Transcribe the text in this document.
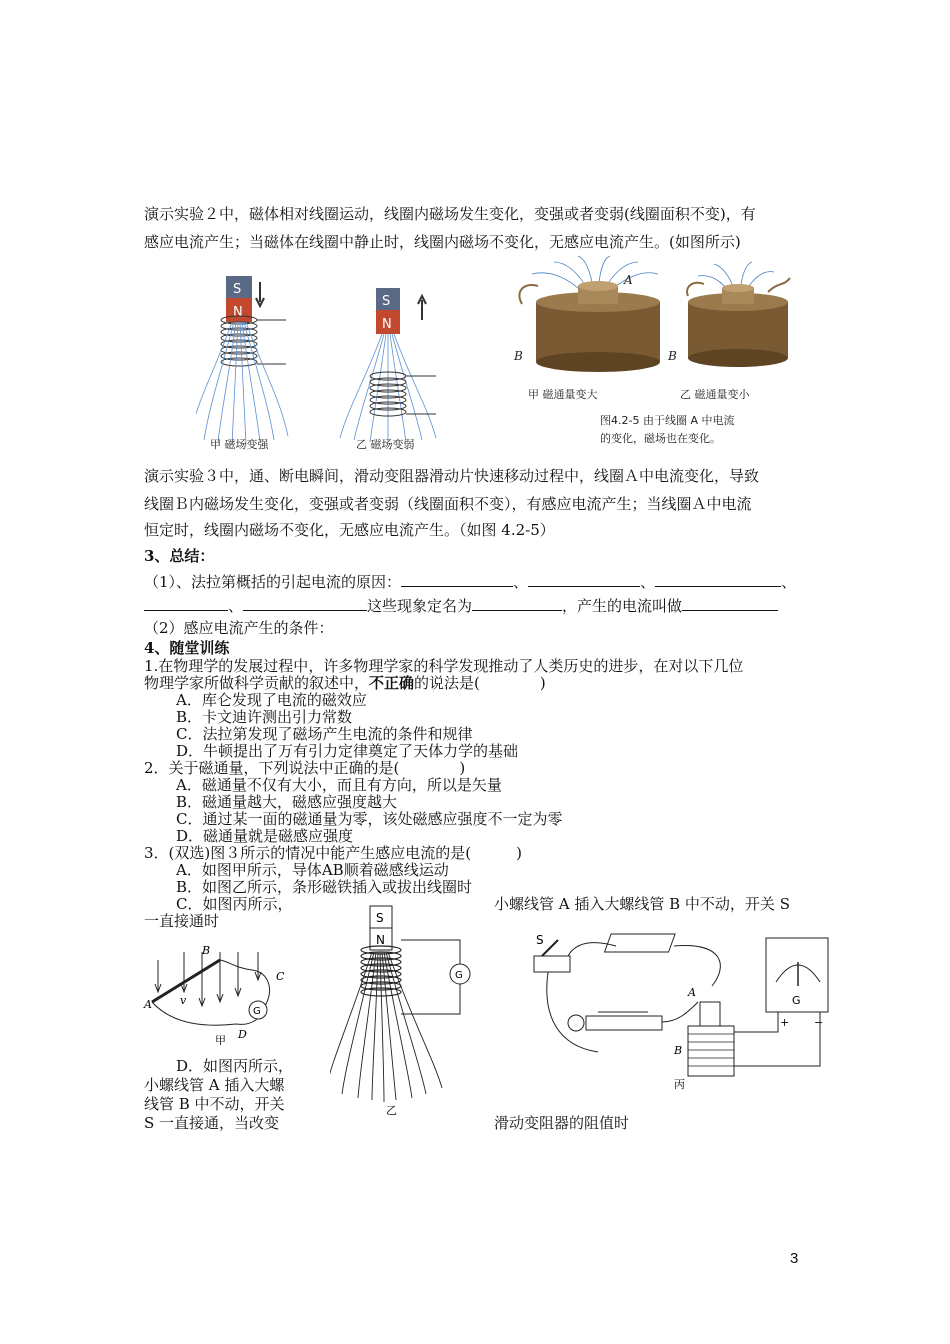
演示实验２中，磁体相对线圈运动，线圈内磁场发生变化，变强或者变弱(线圈面积不变)，有
感应电流产生；当磁体在线圈中静止时，线圈内磁场不变化，无感应电流产生。(如图所示)
S
N
甲 磁场变强
S
N
乙 磁场变弱
A
B
甲 磁通量变大
B
乙 磁通量变小
图4.2-5 由于线圈 A 中电流
的变化，磁场也在变化。
演示实验３中，通、断电瞬间，滑动变阻器滑动片快速移动过程中，线圈Ａ中电流变化，导致
线圈Ｂ内磁场发生变化，变强或者变弱（线圈面积不变），有感应电流产生；当线圈Ａ中电流
恒定时，线圈内磁场不变化，无感应电流产生。（如图 4.2-5）
3、总结：
（1）、法拉第概括的引起电流的原因：	、	、	、
、	这些现象定名为	，产生的电流叫做
（2）感应电流产生的条件：
4、随堂训练
1.在物理学的发展过程中，许多物理学家的科学发现推动了人类历史的进步，在对以下几位
物理学家所做科学贡献的叙述中，不正确的说法是(　　　　)
A．库仑发现了电流的磁效应
B．卡文迪许测出引力常数
C．法拉第发现了磁场产生电流的条件和规律
D．牛顿提出了万有引力定律奠定了天体力学的基础
2．关于磁通量，下列说法中正确的是(　　　　)
A．磁通量不仅有大小，而且有方向，所以是矢量
B．磁通量越大，磁感应强度越大
C．通过某一面的磁通量为零，该处磁感应强度不一定为零
D．磁通量就是磁感应强度
3．(双选)图３所示的情况中能产生感应电流的是(　　　)
A．如图甲所示，导体AB顺着磁感线运动
B．如图乙所示，条形磁铁插入或拔出线圈时
C．如图丙所示，	小螺线管 A 插入大螺线管 B 中不动，开关 S
一直接通时
G
A
B
C
D
v
甲
S
N
G
乙
S
A
B
G
+ −
丙
D．如图丙所示，
小螺线管 A 插入大螺
线管 B 中不动，开关
S 一直接通，当改变	滑动变阻器的阻值时
3
